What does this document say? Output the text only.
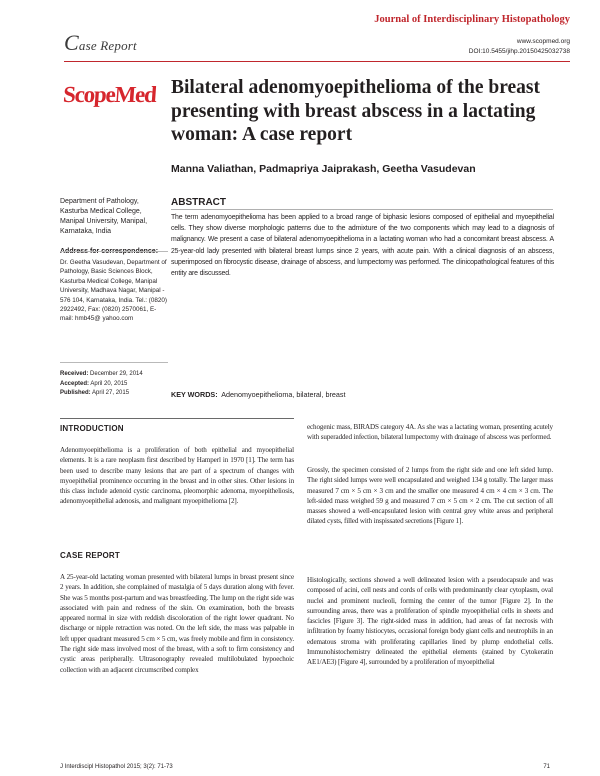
Journal of Interdisciplinary Histopathology
www.scopmed.org
DOI:10.5455/jihp.20150425032738
Case Report
ScopeMed Bilateral adenomyoepithelioma of the breast presenting with breast abscess in a lactating woman: A case report
Manna Valiathan, Padmapriya Jaiprakash, Geetha Vasudevan
Department of Pathology, Kasturba Medical College, Manipal University, Manipal, Karnataka, India
Dr. Geetha Vasudevan, Department of Pathology, Basic Sciences Block, Kasturba Medical College, Manipal University, Madhava Nagar, Manipal - 576 104, Karnataka, India. Tel.: (0820) 2922492, Fax: (0820) 2570061, E-mail: hmb45@ yahoo.com
Received: December 29, 2014
Accepted: April 20, 2015
Published: April 27, 2015
ABSTRACT
The term adenomyoepithelioma has been applied to a broad range of biphasic lesions composed of epithelial and myoepithelial cells. They show diverse morphologic patterns due to the admixture of the two components which may lead to a diagnosis of malignancy. We present a case of bilateral adenomyoepithelioma in a lactating woman who had a concomitant breast abscess. A 25-year-old lady presented with bilateral breast lumps since 2 years, with acute pain. With a clinical diagnosis of an abscess, superimposed on fibrocystic disease, drainage of abscess, and lumpectomy was performed. The clinicopathological features of this entity are discussed.
KEY WORDS: Adenomyoepithelioma, bilateral, breast
INTRODUCTION
Adenomyoepithelioma is a proliferation of both epithelial and myoepithelial elements. It is a rare neoplasm first described by Hamperl in 1970 [1]. The term has been used to describe many lesions that are part of a spectrum of changes with myoepithelial prominence occurring in the breast and in other sites. Other lesions in this class include adenoid cystic carcinoma, pleomorphic adenoma, myoepitheliosis, adenomyoepithelial adenosis, and malignant myoepithelioma [2].
CASE REPORT
A 25-year-old lactating woman presented with bilateral lumps in breast present since 2 years. In addition, she complained of mastalgia of 5 days duration along with fever. She was 5 months post-partum and was breastfeeding. The lump on the right side was associated with pain and redness of the skin. On examination, both the breasts appeared normal in size with reddish discoloration of the right lower quadrant. No discharge or nipple retraction was noted. On the left side, the mass was palpable in left upper quadrant measured 5 cm × 5 cm, was freely mobile and firm in consistency. The right side mass involved most of the breast, with a soft to firm consistency and cystic areas peripherally. Ultrasonography revealed multilobulated hypoechoic collection with an adjacent circumscribed complex
echogenic mass, BIRADS category 4A. As she was a lactating woman, presenting acutely with superadded infection, bilateral lumpectomy with drainage of abscess was performed.
Grossly, the specimen consisted of 2 lumps from the right side and one left sided lump. The right sided lumps were well encapsulated and weighed 134 g totally. The larger mass measured 7 cm × 5 cm × 3 cm and the smaller one measured 4 cm × 4 cm × 3 cm. The left-sided mass weighed 59 g and measured 7 cm × 5 cm × 2 cm. The cut section of all masses showed a well-encapsulated lesion with central grey white areas and peripheral dilated cysts, filled with inspissated secretions [Figure 1].
Histologically, sections showed a well delineated lesion with a pseudocapsule and was composed of acini, cell nests and cords of cells with predominantly clear cytoplasm, oval nuclei and prominent nucleoli, forming the center of the tumor [Figure 2]. In the surrounding areas, there was a proliferation of spindle myoepithelial cells in sheets and fascicles [Figure 3]. The right-sided mass in addition, had areas of fat necrosis with infiltration by foamy histiocytes, occasional foreign body giant cells and neutrophils in an edematous stroma with proliferating capillaries lined by plump endothelial cells. Immunohistochemistry delineated the epithelial elements (stained by Cytokeratin AE1/AE3) [Figure 4], surrounded by a proliferation of myoepithelial
J Interdiscipl Histopathol 2015; 3(2): 71-73	71
